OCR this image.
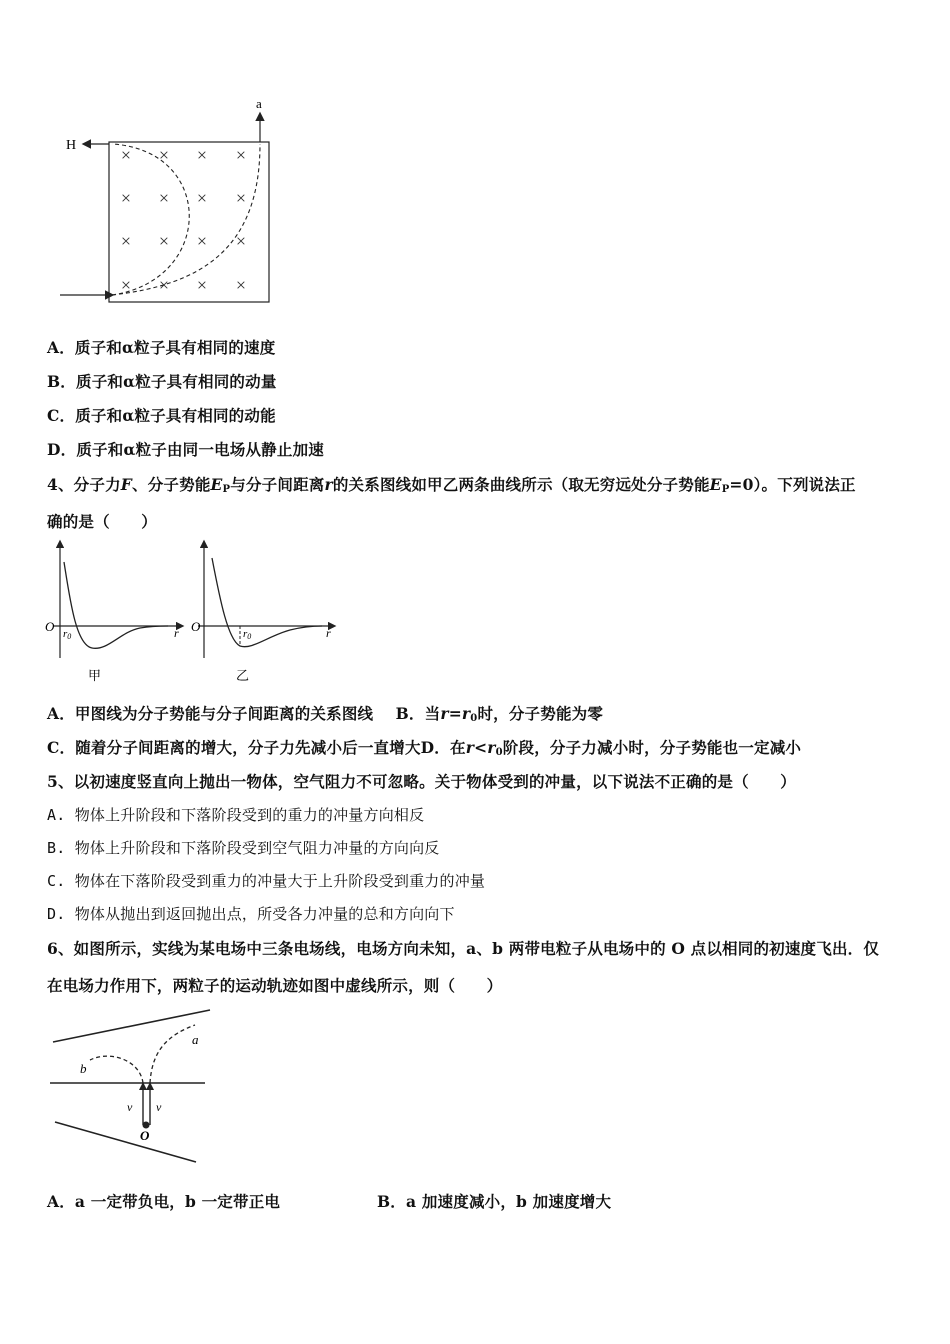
H
a
× × × ×
× × × ×
× × × ×
× × × ×
A．质子和α粒子具有相同的速度
B．质子和α粒子具有相同的动量
C．质子和α粒子具有相同的动能
D．质子和α粒子由同一电场从静止加速
4、分子力F、分子势能$E_P$与分子间距离r的关系图线如甲乙两条曲线所示（取无穷远处分子势能$E_P=0$）。下列说法正
确的是（　　）
O	r
r0
甲
O	r
r0
乙
A．甲图线为分子势能与分子间距离的关系图线 B．当$r=r_0$时，分子势能为零
C．随着分子间距离的增大，分子力先减小后一直增大D．在$r<r_0$阶段，分子力减小时，分子势能也一定减小
5、以初速度竖直向上抛出一物体，空气阻力不可忽略。关于物体受到的冲量，以下说法不正确的是（　　）
A. 物体上升阶段和下落阶段受到的重力的冲量方向相反
B. 物体上升阶段和下落阶段受到空气阻力冲量的方向向反
C. 物体在下落阶段受到重力的冲量大于上升阶段受到重力的冲量
D. 物体从抛出到返回抛出点，所受各力冲量的总和方向向下
6、如图所示，实线为某电场中三条电场线，电场方向未知，a、b 两带电粒子从电场中的 O 点以相同的初速度飞出．仅
在电场力作用下，两粒子的运动轨迹如图中虚线所示，则（　　）
a
b
v v
O
A．a 一定带负电，b 一定带正电	B．a 加速度减小，b 加速度增大
